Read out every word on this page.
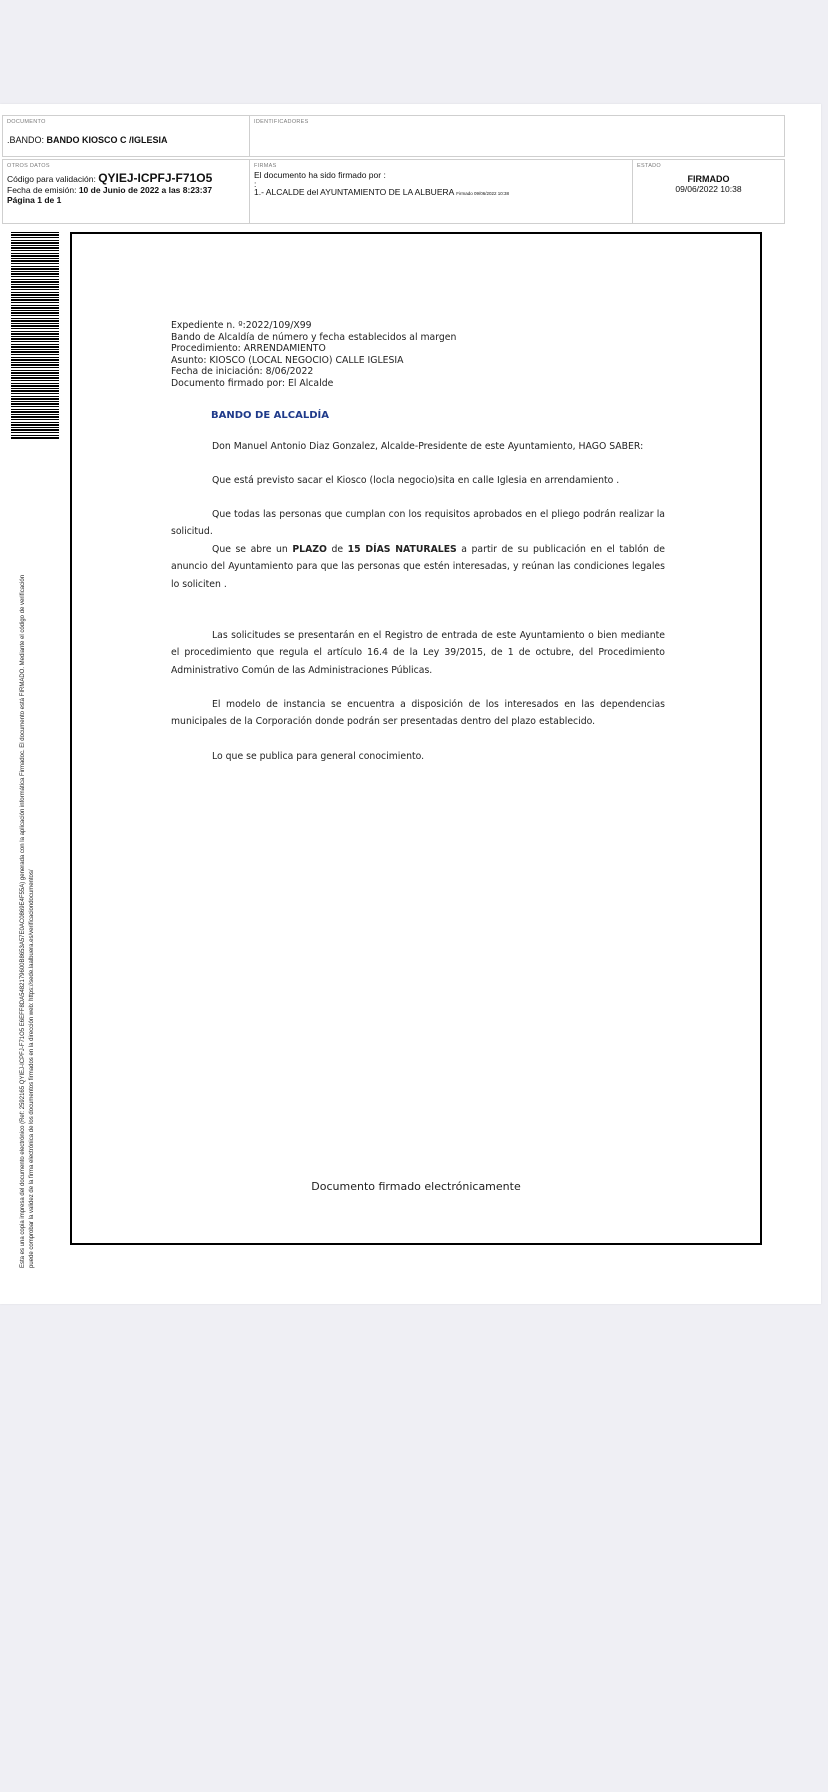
DOCUMENTO
.BANDO: BANDO KIOSCO C /IGLESIA
IDENTIFICADORES
OTROS DATOS
Código para validación: QYIEJ-ICPFJ-F71O5
Fecha de emisión: 10 de Junio de 2022 a las 8:23:37
Página 1 de 1
FIRMAS
El documento ha sido firmado por :
:
1.- ALCALDE del AYUNTAMIENTO DE LA ALBUERA Firmado 09/06/2022 10:38
ESTADO
FIRMADO
09/06/2022 10:38
Esta es una copia impresa del documento electrónico (Ref: 2592165 QYIEJ-ICPFJ-F71O5 E6EFF8DA5482179600B8653A57E0AC0869E4F55A) generada con la aplicación informática Firmadoc. El documento está FIRMADO. Mediante el código de verificación puede comprobar la validez de la firma electrónica de los documentos firmados en la dirección web: https://sede.laalbuera.es/verificaciondocumentos/
Expediente n. º:2022/109/X99
Bando de Alcaldía de número y fecha establecidos al margen
Procedimiento: ARRENDAMIENTO
Asunto: KIOSCO (LOCAL NEGOCIO) CALLE IGLESIA
Fecha de iniciación: 8/06/2022
Documento firmado por: El Alcalde
BANDO DE ALCALDÍA
Don Manuel Antonio Diaz Gonzalez, Alcalde-Presidente de este Ayuntamiento, HAGO SABER:
Que está previsto sacar el Kiosco (locla negocio)sita en calle Iglesia en arrendamiento .
Que todas las personas que cumplan con los requisitos aprobados en el pliego podrán realizar la solicitud.
Que se abre un PLAZO de 15 DÍAS NATURALES a partir de su publicación en el tablón de anuncio del Ayuntamiento para que las personas que estén interesadas, y reúnan las condiciones legales lo soliciten .
Las solicitudes se presentarán en el Registro de entrada de este Ayuntamiento o bien mediante el procedimiento que regula el artículo 16.4 de la Ley 39/2015, de 1 de octubre, del Procedimiento Administrativo Común de las Administraciones Públicas.
El modelo de instancia se encuentra a disposición de los interesados en las dependencias municipales de la Corporación donde podrán ser presentadas dentro del plazo establecido.
Lo que se publica para general conocimiento.
Documento firmado electrónicamente
